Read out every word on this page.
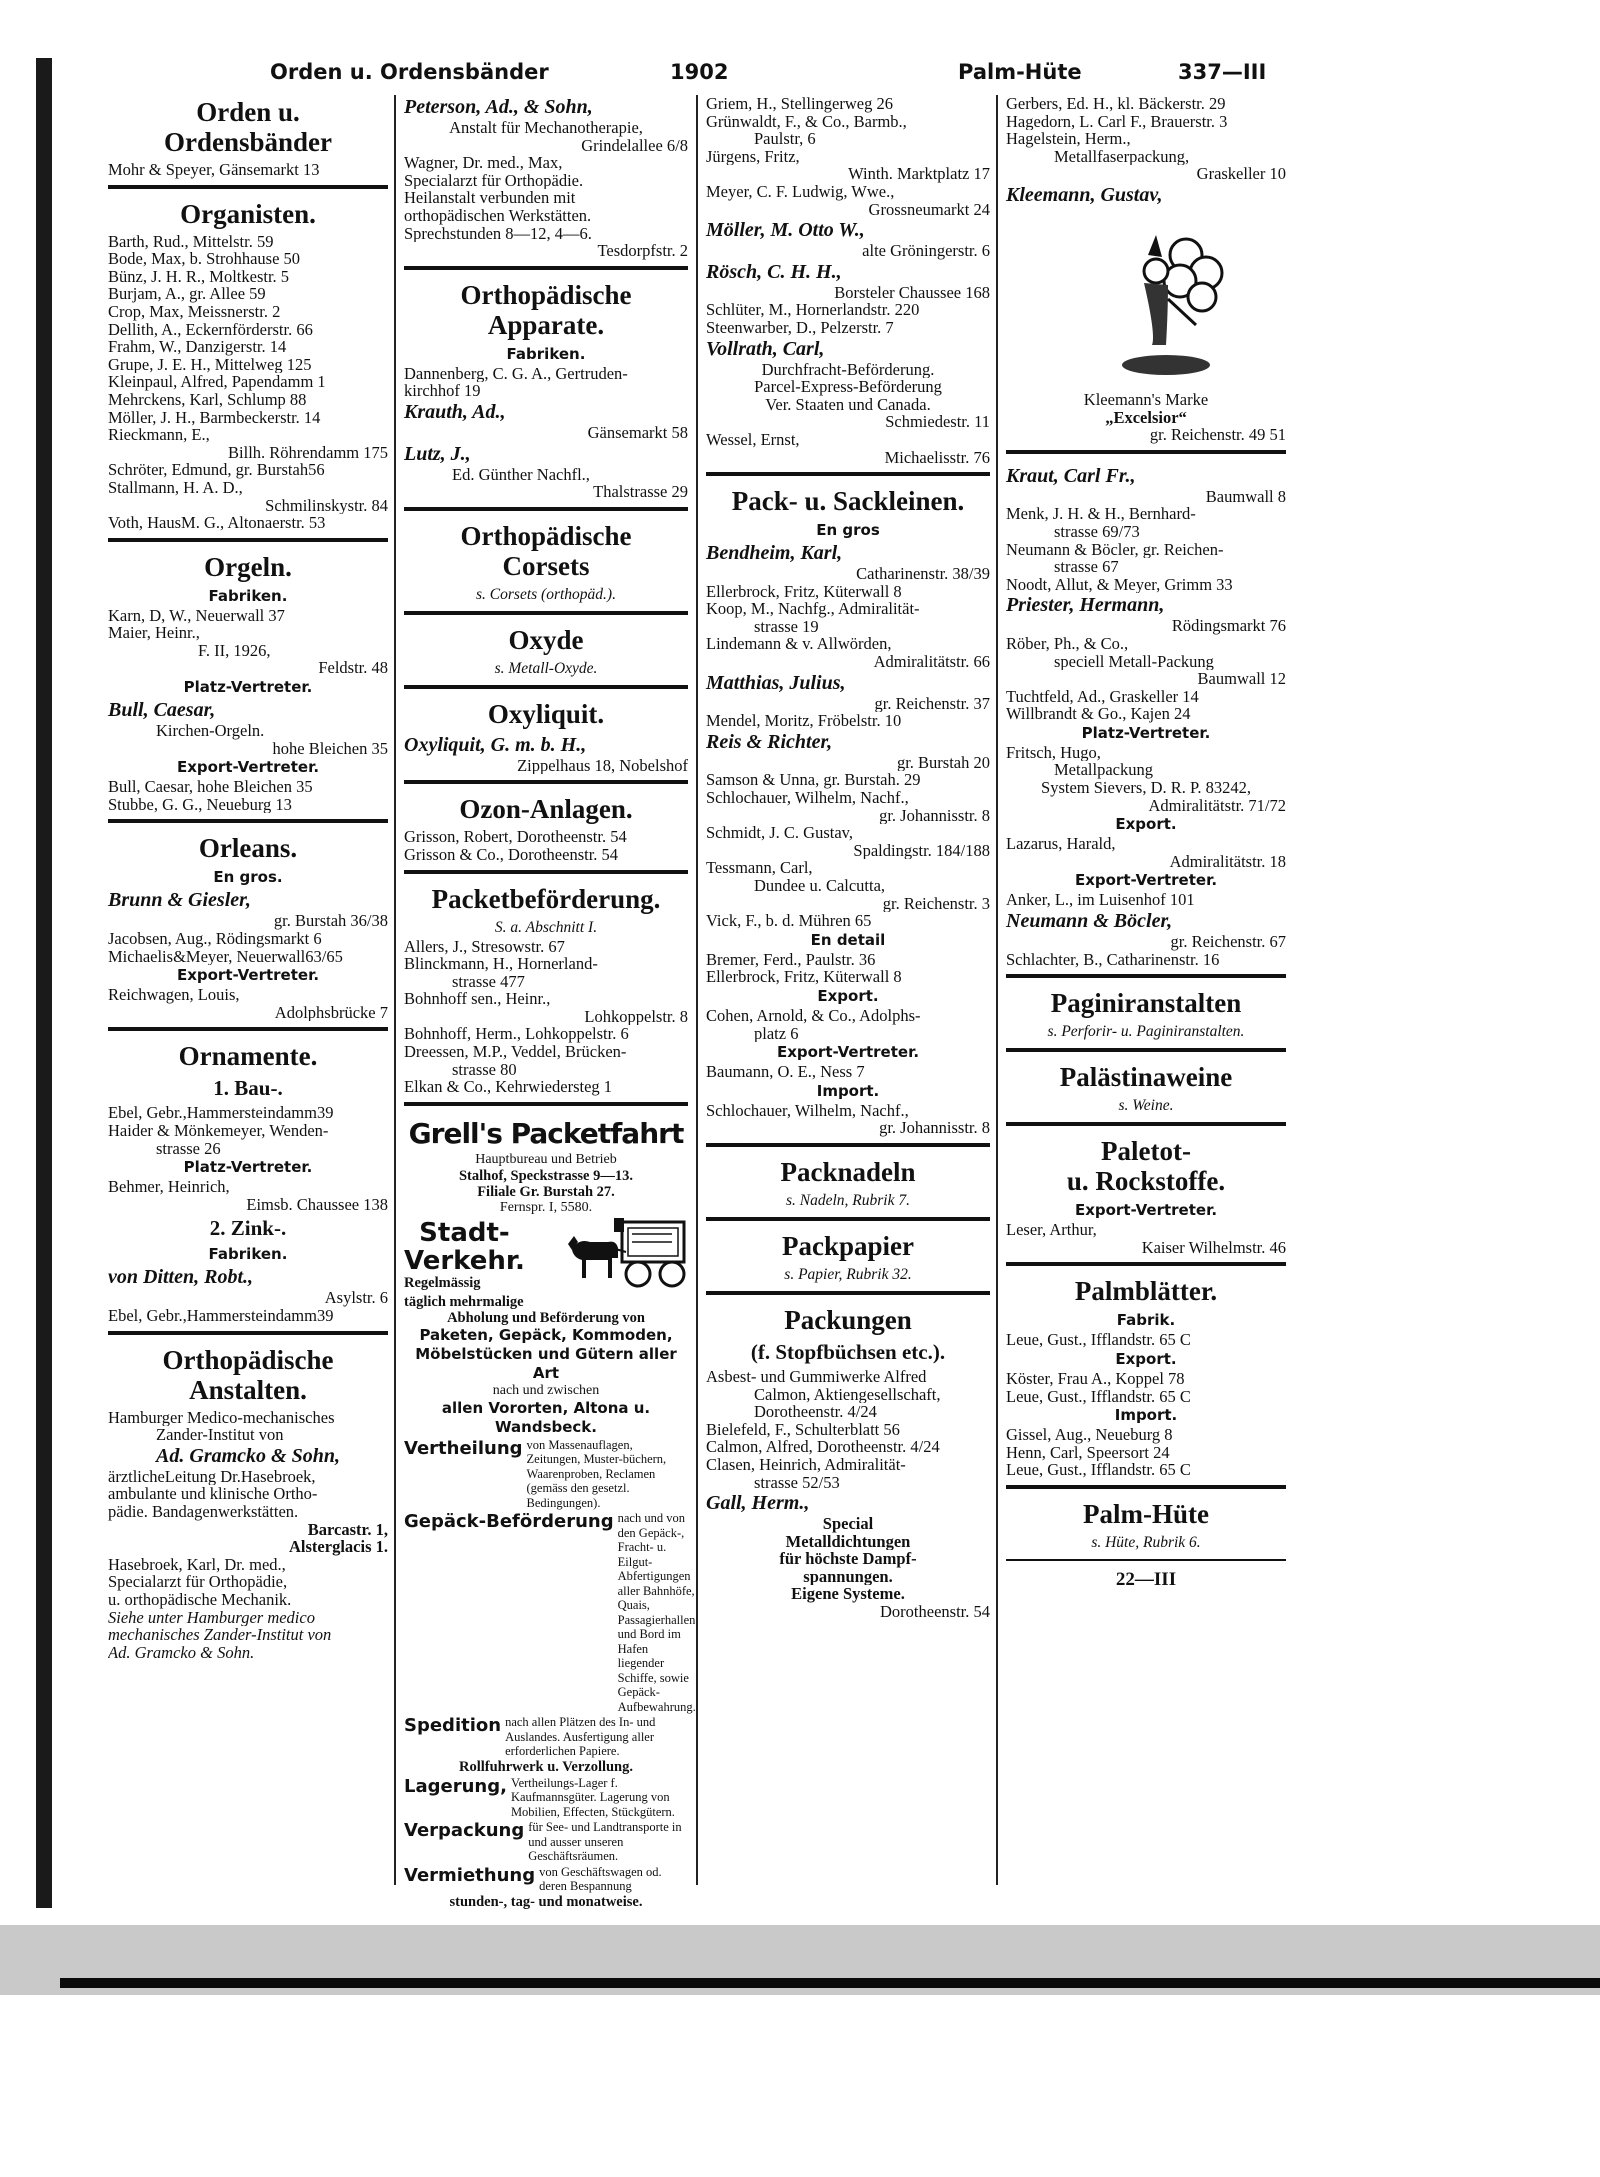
Orden u. Ordensbänder	1902	Palm-Hüte	337—III
Orden u.
Ordensbänder
Mohr & Speyer, Gänsemarkt 13
Organisten.
Barth, Rud., Mittelstr. 59
Bode, Max, b. Strohhause 50
Bünz, J. H. R., Moltkestr. 5
Burjam, A., gr. Allee 59
Crop, Max, Meissnerstr. 2
Dellith, A., Eckernförderstr. 66
Frahm, W., Danzigerstr. 14
Grupe, J. E. H., Mittelweg 125
Kleinpaul, Alfred, Papendamm 1
Mehrckens, Karl, Schlump 88
Möller, J. H., Barmbeckerstr. 14
Rieckmann, E.,
Billh. Röhrendamm 175
Schröter, Edmund, gr. Burstah56
Stallmann, H. A. D.,
Schmilinskystr. 84
Voth, HausM. G., Altonaerstr. 53
Orgeln.
Fabriken.
Karn, D, W., Neuerwall 37
Maier, Heinr.,
F. II, 1926,
Feldstr. 48
Platz-Vertreter.
Bull, Caesar,
Kirchen-Orgeln.
hohe Bleichen 35
Export-Vertreter.
Bull, Caesar, hohe Bleichen 35
Stubbe, G. G., Neueburg 13
Orleans.
En gros.
Brunn & Giesler,
gr. Burstah 36/38
Jacobsen, Aug., Rödingsmarkt 6
Michaelis&Meyer, Neuerwall63/65
Export-Vertreter.
Reichwagen, Louis,
Adolphsbrücke 7
Ornamente.
1. Bau-.
Ebel, Gebr.,Hammersteindamm39
Haider & Mönkemeyer, Wenden-
strasse 26
Platz-Vertreter.
Behmer, Heinrich,
Eimsb. Chaussee 138
2. Zink-.
Fabriken.
von Ditten, Robt.,
Asylstr. 6
Ebel, Gebr.,Hammersteindamm39
Orthopädische
Anstalten.
Hamburger Medico-mechanisches
Zander-Institut von
Ad. Gramcko & Sohn,
ärztlicheLeitung Dr.Hasebroek,
ambulante und klinische Ortho-
pädie. Bandagenwerkstätten.
Barcastr. 1,
Alsterglacis 1.
Hasebroek, Karl, Dr. med.,
Specialarzt für Orthopädie,
u. orthopädische Mechanik.
Siehe unter Hamburger medico
mechanisches Zander-Institut von
Ad. Gramcko & Sohn.
Peterson, Ad., & Sohn,
Anstalt für Mechanotherapie,
Grindelallee 6/8
Wagner, Dr. med., Max,
Specialarzt für Orthopädie.
Heilanstalt verbunden mit
orthopädischen Werkstätten.
Sprechstunden 8—12, 4—6.
Tesdorpfstr. 2
Orthopädische
Apparate.
Fabriken.
Dannenberg, C. G. A., Gertruden-
kirchhof 19
Krauth, Ad.,
Gänsemarkt 58
Lutz, J.,
Ed. Günther Nachfl.,
Thalstrasse 29
Orthopädische
Corsets
s. Corsets (orthopäd.).
Oxyde
s. Metall-Oxyde.
Oxyliquit.
Oxyliquit, G. m. b. H.,
Zippelhaus 18, Nobelshof
Ozon-Anlagen.
Grisson, Robert, Dorotheenstr. 54
Grisson & Co., Dorotheenstr. 54
Packetbeförderung.
S. a. Abschnitt I.
Allers, J., Stresowstr. 67
Blinckmann, H., Hornerland-
strasse 477
Bohnhoff sen., Heinr.,
Lohkoppelstr. 8
Bohnhoff, Herm., Lohkoppelstr. 6
Dreessen, M.P., Veddel, Brücken-
strasse 80
Elkan & Co., Kehrwiedersteg 1
Grell's Packetfahrt
Hauptbureau und Betrieb
Stalhof, Speckstrasse 9—13.
Filiale Gr. Burstah 27.
Fernspr. I, 5580.
Stadt-
Verkehr.
Regelmässig
täglich mehrmalige
Abholung und Beförderung von
Paketen, Gepäck, Kommoden,
Möbelstücken und Gütern aller Art
nach und zwischen
allen Vororten, Altona u. Wandsbeck.
Vertheilung von Massenauflagen, Zeitungen, Muster-büchern, Waarenproben, Reclamen (gemäss den gesetzl. Bedingungen).
Gepäck-Beförderung nach und von den Gepäck-, Fracht- u. Eilgut-Abfertigungen aller Bahnhöfe, Quais, Passagierhallen und Bord im Hafen liegender Schiffe, sowie Gepäck-Aufbewahrung.
Spedition nach allen Plätzen des In- und Auslandes. Ausfertigung aller erforderlichen Papiere.
Rollfuhrwerk u. Verzollung.
Lagerung, Vertheilungs-Lager f. Kaufmannsgüter. Lagerung von Mobilien, Effecten, Stückgütern.
Verpackung für See- und Landtransporte in und ausser unseren Geschäftsräumen.
Vermiethung von Geschäftswagen od. deren Bespannung
stunden-, tag- und monatweise.
Griem, H., Stellingerweg 26
Grünwaldt, F., & Co., Barmb.,
Paulstr, 6
Jürgens, Fritz,
Winth. Marktplatz 17
Meyer, C. F. Ludwig, Wwe.,
Grossneumarkt 24
Möller, M. Otto W.,
alte Gröningerstr. 6
Rösch, C. H. H.,
Borsteler Chaussee 168
Schlüter, M., Hornerlandstr. 220
Steenwarber, D., Pelzerstr. 7
Vollrath, Carl,
Durchfracht-Beförderung.
Parcel-Express-Beförderung
Ver. Staaten und Canada.
Schmiedestr. 11
Wessel, Ernst,
Michaelisstr. 76
Pack- u. Sackleinen.
En gros
Bendheim, Karl,
Catharinenstr. 38/39
Ellerbrock, Fritz, Küterwall 8
Koop, M., Nachfg., Admiralität-
strasse 19
Lindemann & v. Allwörden,
Admiralitätstr. 66
Matthias, Julius,
gr. Reichenstr. 37
Mendel, Moritz, Fröbelstr. 10
Reis & Richter,
gr. Burstah 20
Samson & Unna, gr. Burstah. 29
Schlochauer, Wilhelm, Nachf.,
gr. Johannisstr. 8
Schmidt, J. C. Gustav,
Spaldingstr. 184/188
Tessmann, Carl,
Dundee u. Calcutta,
gr. Reichenstr. 3
Vick, F., b. d. Mühren 65
En detail
Bremer, Ferd., Paulstr. 36
Ellerbrock, Fritz, Küterwall 8
Export.
Cohen, Arnold, & Co., Adolphs-
platz 6
Export-Vertreter.
Baumann, O. E., Ness 7
Import.
Schlochauer, Wilhelm, Nachf.,
gr. Johannisstr. 8
Packnadeln
s. Nadeln, Rubrik 7.
Packpapier
s. Papier, Rubrik 32.
Packungen
(f. Stopfbüchsen etc.).
Asbest- und Gummiwerke Alfred
Calmon, Aktiengesellschaft,
Dorotheenstr. 4/24
Bielefeld, F., Schulterblatt 56
Calmon, Alfred, Dorotheenstr. 4/24
Clasen, Heinrich, Admiralität-
strasse 52/53
Gall, Herm.,
Special
Metalldichtungen
für höchste Dampf-
spannungen.
Eigene Systeme.
Dorotheenstr. 54
Gerbers, Ed. H., kl. Bäckerstr. 29
Hagedorn, L. Carl F., Brauerstr. 3
Hagelstein, Herm.,
Metallfaserpackung,
Graskeller 10
Kleemann, Gustav,
Kleemann's Marke
„Excelsior“
gr. Reichenstr. 49 51
Kraut, Carl Fr.,
Baumwall 8
Menk, J. H. & H., Bernhard-
strasse 69/73
Neumann & Böcler, gr. Reichen-
strasse 67
Noodt, Allut, & Meyer, Grimm 33
Priester, Hermann,
Rödingsmarkt 76
Röber, Ph., & Co.,
speciell Metall-Packung
Baumwall 12
Tuchtfeld, Ad., Graskeller 14
Willbrandt & Go., Kajen 24
Platz-Vertreter.
Fritsch, Hugo,
Metallpackung
System Sievers, D. R. P. 83242,
Admiralitätstr. 71/72
Export.
Lazarus, Harald,
Admiralitätstr. 18
Export-Vertreter.
Anker, L., im Luisenhof 101
Neumann & Böcler,
gr. Reichenstr. 67
Schlachter, B., Catharinenstr. 16
Paginiranstalten
s. Perforir- u. Paginiranstalten.
Palästinaweine
s. Weine.
Paletot-
u. Rockstoffe.
Export-Vertreter.
Leser, Arthur,
Kaiser Wilhelmstr. 46
Palmblätter.
Fabrik.
Leue, Gust., Ifflandstr. 65 C
Export.
Köster, Frau A., Koppel 78
Leue, Gust., Ifflandstr. 65 C
Import.
Gissel, Aug., Neueburg 8
Henn, Carl, Speersort 24
Leue, Gust., Ifflandstr. 65 C
Palm-Hüte
s. Hüte, Rubrik 6.
22—III
